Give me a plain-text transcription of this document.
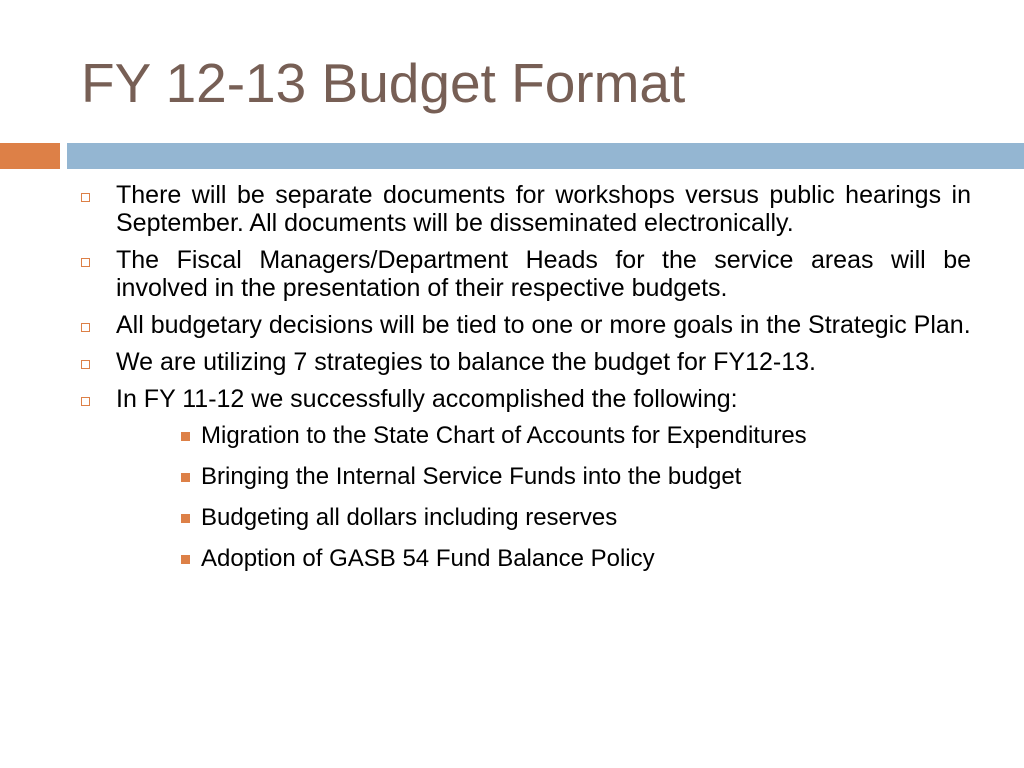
FY 12-13 Budget Format
There will be separate documents for workshops versus public hearings in September. All documents will be disseminated electronically.
The Fiscal Managers/Department Heads for the service areas will be involved in the presentation of their respective budgets.
All budgetary decisions will be tied to one or more goals in the Strategic Plan.
We are utilizing 7 strategies to balance the budget for FY12-13.
In FY 11-12 we successfully accomplished the following:
Migration to the State Chart of Accounts for Expenditures
Bringing the Internal Service Funds into the budget
Budgeting all dollars including reserves
Adoption of GASB 54 Fund Balance Policy
